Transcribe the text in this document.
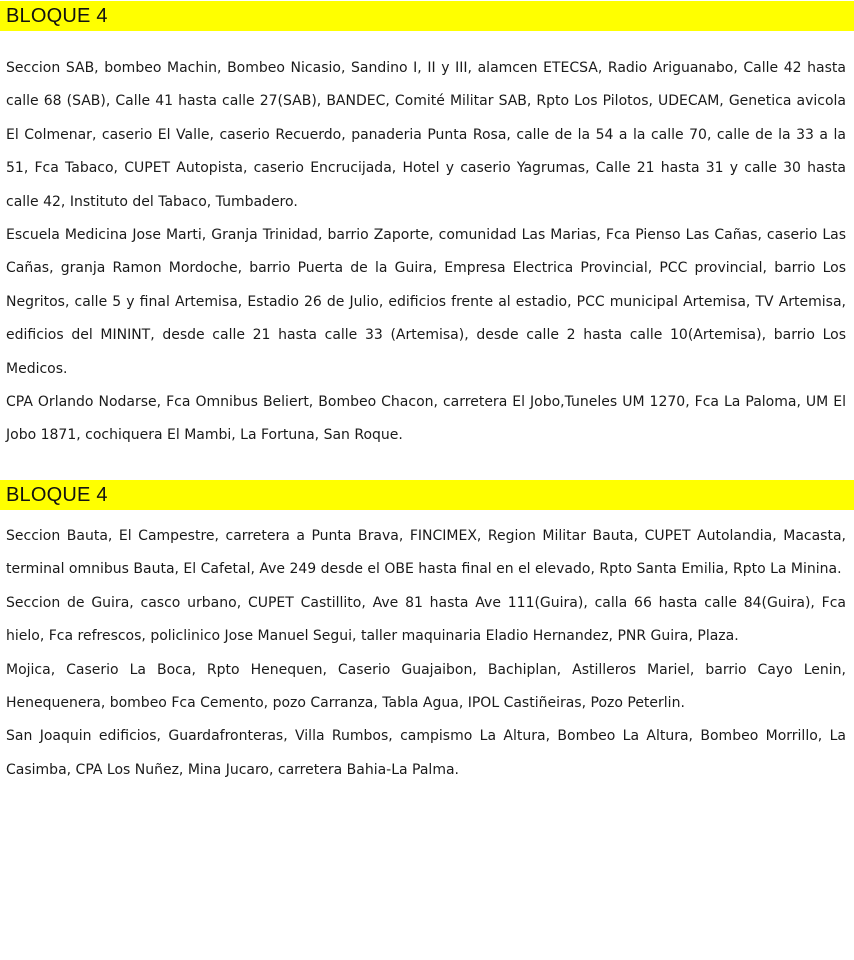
BLOQUE 4

Seccion SAB, bombeo Machin, Bombeo Nicasio, Sandino I, II y III, alamcen ETECSA, Radio Ariguanabo, Calle 42 hasta calle 68 (SAB), Calle 41 hasta calle 27(SAB), BANDEC, Comité Militar SAB, Rpto Los Pilotos, UDECAM, Genetica avicola El Colmenar, caserio El Valle, caserio Recuerdo, panaderia Punta Rosa, calle de la 54 a la calle 70, calle de la 33 a la 51, Fca Tabaco, CUPET Autopista, caserio Encrucijada, Hotel y caserio Yagrumas, Calle 21 hasta 31 y calle 30 hasta calle 42, Instituto del Tabaco, Tumbadero.

Escuela Medicina Jose Marti, Granja Trinidad, barrio Zaporte, comunidad Las Marias, Fca Pienso Las Cañas, caserio Las Cañas, granja Ramon Mordoche, barrio Puerta de la Guira, Empresa Electrica Provincial, PCC provincial, barrio Los Negritos, calle 5 y final Artemisa, Estadio 26 de Julio, edificios frente al estadio, PCC municipal Artemisa, TV Artemisa, edificios del MININT, desde calle 21 hasta calle 33 (Artemisa), desde calle 2 hasta calle 10(Artemisa), barrio Los Medicos.

CPA Orlando Nodarse, Fca Omnibus Beliert, Bombeo Chacon, carretera El Jobo,Tuneles UM 1270, Fca La Paloma, UM El Jobo 1871, cochiquera El Mambi, La Fortuna, San Roque.

BLOQUE 4

Seccion Bauta, El Campestre, carretera a Punta Brava, FINCIMEX, Region Militar Bauta, CUPET Autolandia, Macasta, terminal omnibus Bauta, El Cafetal, Ave 249 desde el OBE hasta final en el elevado, Rpto Santa Emilia, Rpto La Minina.

Seccion de Guira, casco urbano, CUPET Castillito, Ave 81 hasta Ave 111(Guira), calla 66 hasta calle 84(Guira), Fca hielo, Fca refrescos, policlinico Jose Manuel Segui, taller maquinaria Eladio Hernandez, PNR Guira, Plaza.

Mojica, Caserio La Boca, Rpto Henequen, Caserio Guajaibon, Bachiplan, Astilleros Mariel, barrio Cayo Lenin, Henequenera, bombeo Fca Cemento, pozo Carranza, Tabla Agua, IPOL Castiñeiras, Pozo Peterlin.

San Joaquin edificios, Guardafronteras, Villa Rumbos, campismo La Altura, Bombeo La Altura, Bombeo Morrillo, La Casimba, CPA Los Nuñez, Mina Jucaro, carretera Bahia-La Palma.
